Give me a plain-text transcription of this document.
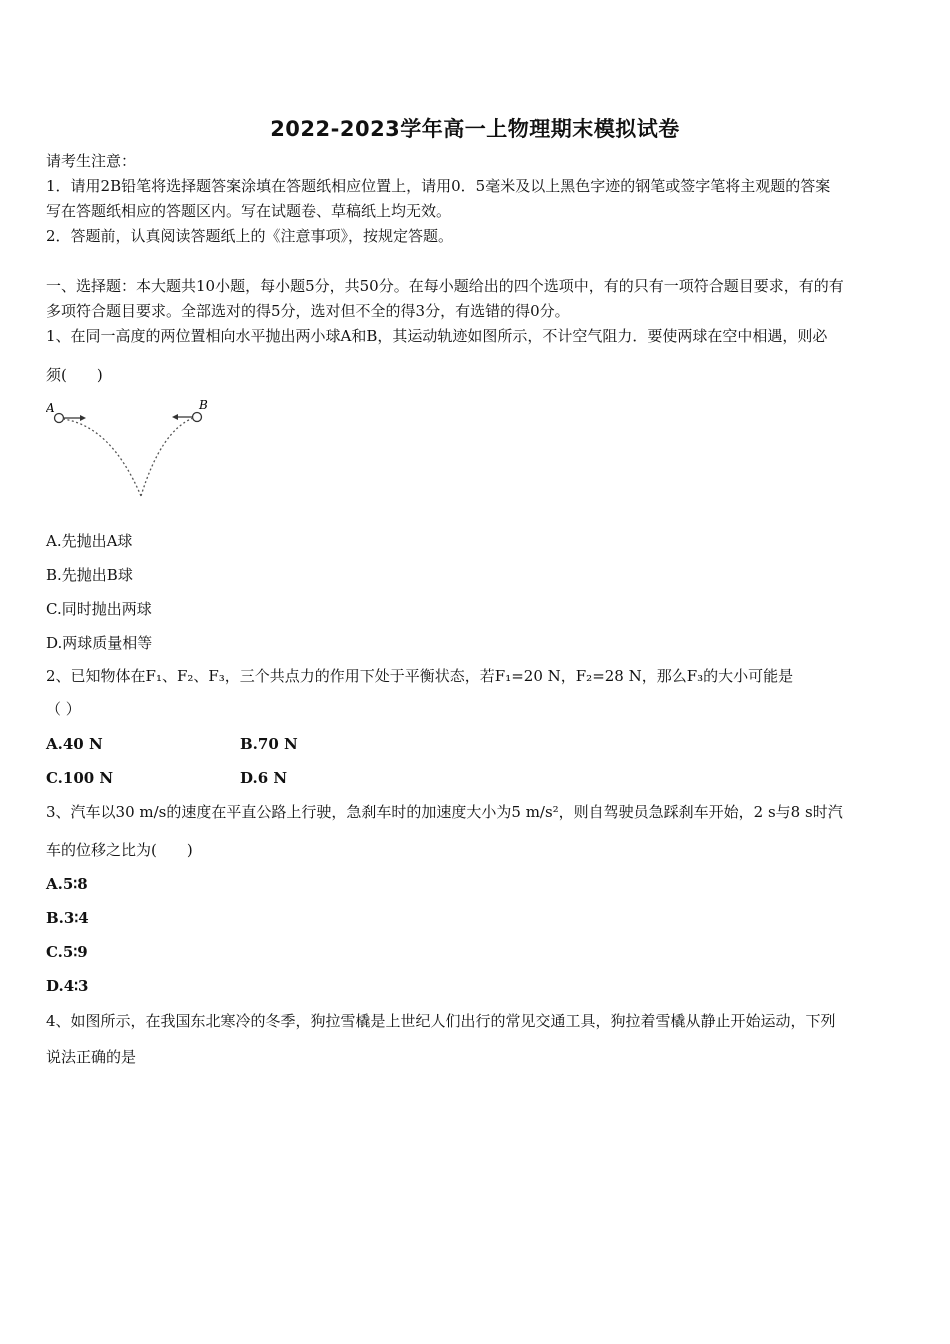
2022-2023学年高一上物理期末模拟试卷
请考生注意：
1．请用2B铅笔将选择题答案涂填在答题纸相应位置上，请用0．5毫米及以上黑色字迹的钢笔或签字笔将主观题的答案
写在答题纸相应的答题区内。写在试题卷、草稿纸上均无效。
2．答题前，认真阅读答题纸上的《注意事项》，按规定答题。
一、选择题：本大题共10小题，每小题5分，共50分。在每小题给出的四个选项中，有的只有一项符合题目要求，有的有
多项符合题目要求。全部选对的得5分，选对但不全的得3分，有选错的得0分。
1、在同一高度的两位置相向水平抛出两小球A和B，其运动轨迹如图所示，不计空气阻力．要使两球在空中相遇，则必
须(　　)
A	B
A.先抛出A球
B.先抛出B球
C.同时抛出两球
D.两球质量相等
2、已知物体在F₁、F₂、F₃，三个共点力的作用下处于平衡状态，若F₁=20 N，F₂=28 N，那么F₃的大小可能是
（ ）
A.40 N	B.70 N
C.100 N	D.6 N
3、汽车以30 m/s的速度在平直公路上行驶，急刹车时的加速度大小为5 m/s²，则自驾驶员急踩刹车开始，2 s与8 s时汽
车的位移之比为(　　)
A.5∶8
B.3∶4
C.5∶9
D.4∶3
4、如图所示，在我国东北寒冷的冬季，狗拉雪橇是上世纪人们出行的常见交通工具，狗拉着雪橇从静止开始运动，下列
说法正确的是
